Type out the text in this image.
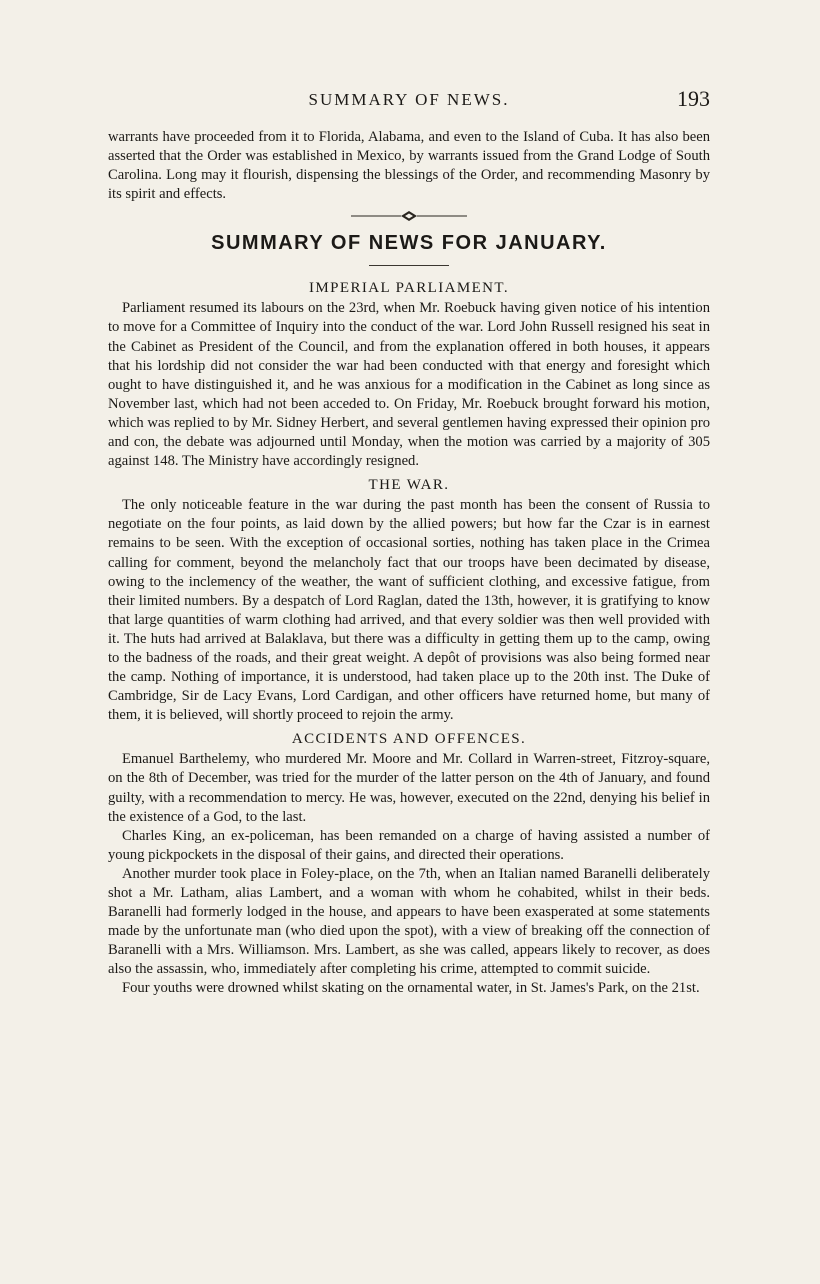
SUMMARY OF NEWS.	193

warrants have proceeded from it to Florida, Alabama, and even to the Island of Cuba. It has also been asserted that the Order was established in Mexico, by warrants issued from the Grand Lodge of South Carolina. Long may it flourish, dispensing the blessings of the Order, and recommending Masonry by its spirit and effects.

SUMMARY OF NEWS FOR JANUARY.
IMPERIAL PARLIAMENT.

Parliament resumed its labours on the 23rd, when Mr. Roebuck having given notice of his intention to move for a Committee of Inquiry into the conduct of the war. Lord John Russell resigned his seat in the Cabinet as President of the Council, and from the explanation offered in both houses, it appears that his lordship did not consider the war had been conducted with that energy and foresight which ought to have distinguished it, and he was anxious for a modification in the Cabinet as long since as November last, which had not been acceded to. On Friday, Mr. Roebuck brought forward his motion, which was replied to by Mr. Sidney Herbert, and several gentlemen having expressed their opinion pro and con, the debate was adjourned until Monday, when the motion was carried by a majority of 305 against 148. The Ministry have accordingly resigned.

THE WAR.

The only noticeable feature in the war during the past month has been the consent of Russia to negotiate on the four points, as laid down by the allied powers; but how far the Czar is in earnest remains to be seen. With the exception of occasional sorties, nothing has taken place in the Crimea calling for comment, beyond the melancholy fact that our troops have been decimated by disease, owing to the inclemency of the weather, the want of sufficient clothing, and excessive fatigue, from their limited numbers. By a despatch of Lord Raglan, dated the 13th, however, it is gratifying to know that large quantities of warm clothing had arrived, and that every soldier was then well provided with it. The huts had arrived at Balaklava, but there was a difficulty in getting them up to the camp, owing to the badness of the roads, and their great weight. A depôt of provisions was also being formed near the camp. Nothing of importance, it is understood, had taken place up to the 20th inst. The Duke of Cambridge, Sir de Lacy Evans, Lord Cardigan, and other officers have returned home, but many of them, it is believed, will shortly proceed to rejoin the army.

ACCIDENTS AND OFFENCES.

Emanuel Barthelemy, who murdered Mr. Moore and Mr. Collard in Warren-street, Fitzroy-square, on the 8th of December, was tried for the murder of the latter person on the 4th of January, and found guilty, with a recommendation to mercy. He was, however, executed on the 22nd, denying his belief in the existence of a God, to the last.

Charles King, an ex-policeman, has been remanded on a charge of having assisted a number of young pickpockets in the disposal of their gains, and directed their operations.

Another murder took place in Foley-place, on the 7th, when an Italian named Baranelli deliberately shot a Mr. Latham, alias Lambert, and a woman with whom he cohabited, whilst in their beds. Baranelli had formerly lodged in the house, and appears to have been exasperated at some statements made by the unfortunate man (who died upon the spot), with a view of breaking off the connection of Baranelli with a Mrs. Williamson. Mrs. Lambert, as she was called, appears likely to recover, as does also the assassin, who, immediately after completing his crime, attempted to commit suicide.

Four youths were drowned whilst skating on the ornamental water, in St. James's Park, on the 21st.
